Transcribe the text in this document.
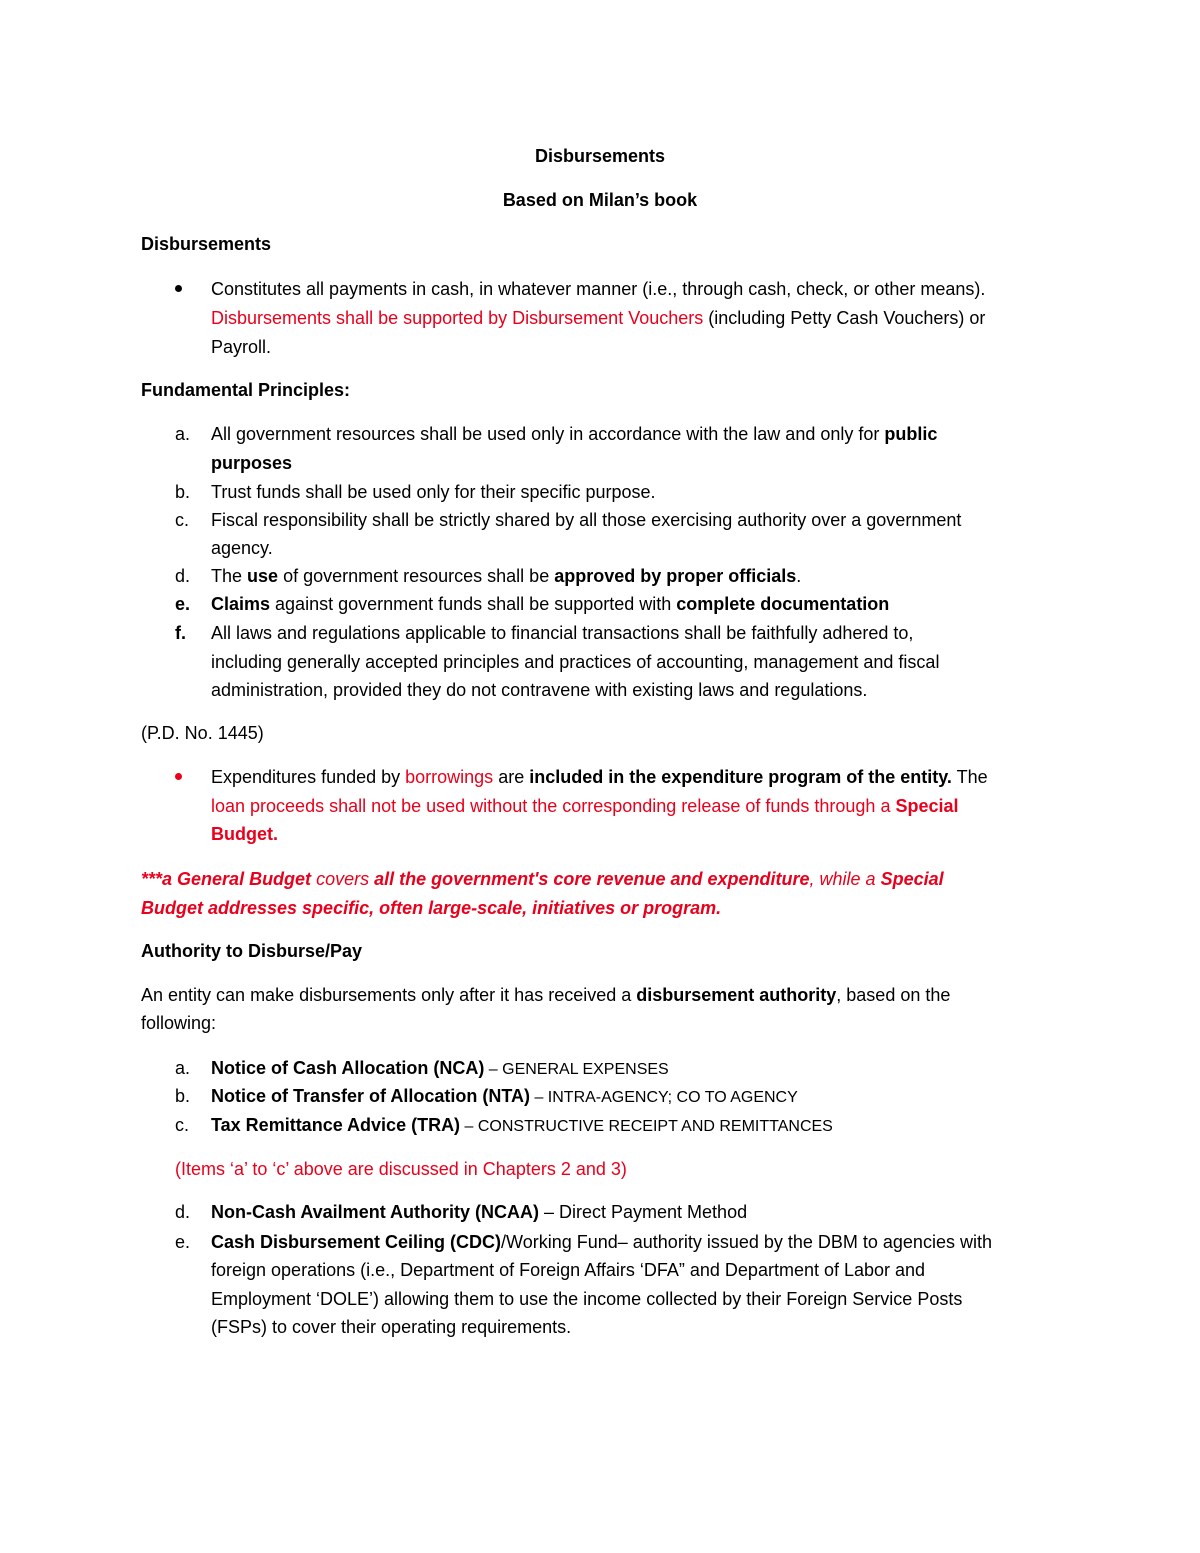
Disbursements
Based on Milan’s book
Disbursements
Constitutes all payments in cash, in whatever manner (i.e., through cash, check, or other means).
Disbursements shall be supported by Disbursement Vouchers (including Petty Cash Vouchers) or
Payroll.
Fundamental Principles:
a. All government resources shall be used only in accordance with the law and only for public
purposes
b. Trust funds shall be used only for their specific purpose.
c. Fiscal responsibility shall be strictly shared by all those exercising authority over a government
agency.
d. The use of government resources shall be approved by proper officials.
e. Claims against government funds shall be supported with complete documentation
f. All laws and regulations applicable to financial transactions shall be faithfully adhered to,
including generally accepted principles and practices of accounting, management and fiscal
administration, provided they do not contravene with existing laws and regulations.
(P.D. No. 1445)
Expenditures funded by borrowings are included in the expenditure program of the entity. The
loan proceeds shall not be used without the corresponding release of funds through a Special
Budget.
***a General Budget covers all the government's core revenue and expenditure, while a Special
Budget addresses specific, often large-scale, initiatives or program.
Authority to Disburse/Pay
An entity can make disbursements only after it has received a disbursement authority, based on the
following:
a. Notice of Cash Allocation (NCA) – GENERAL EXPENSES
b. Notice of Transfer of Allocation (NTA) – INTRA-AGENCY; CO TO AGENCY
c. Tax Remittance Advice (TRA) – CONSTRUCTIVE RECEIPT AND REMITTANCES
(Items ‘a’ to ‘c’ above are discussed in Chapters 2 and 3)
d. Non-Cash Availment Authority (NCAA) – Direct Payment Method
e. Cash Disbursement Ceiling (CDC)/Working Fund– authority issued by the DBM to agencies with
foreign operations (i.e., Department of Foreign Affairs ‘DFA” and Department of Labor and
Employment ‘DOLE’) allowing them to use the income collected by their Foreign Service Posts
(FSPs) to cover their operating requirements.
